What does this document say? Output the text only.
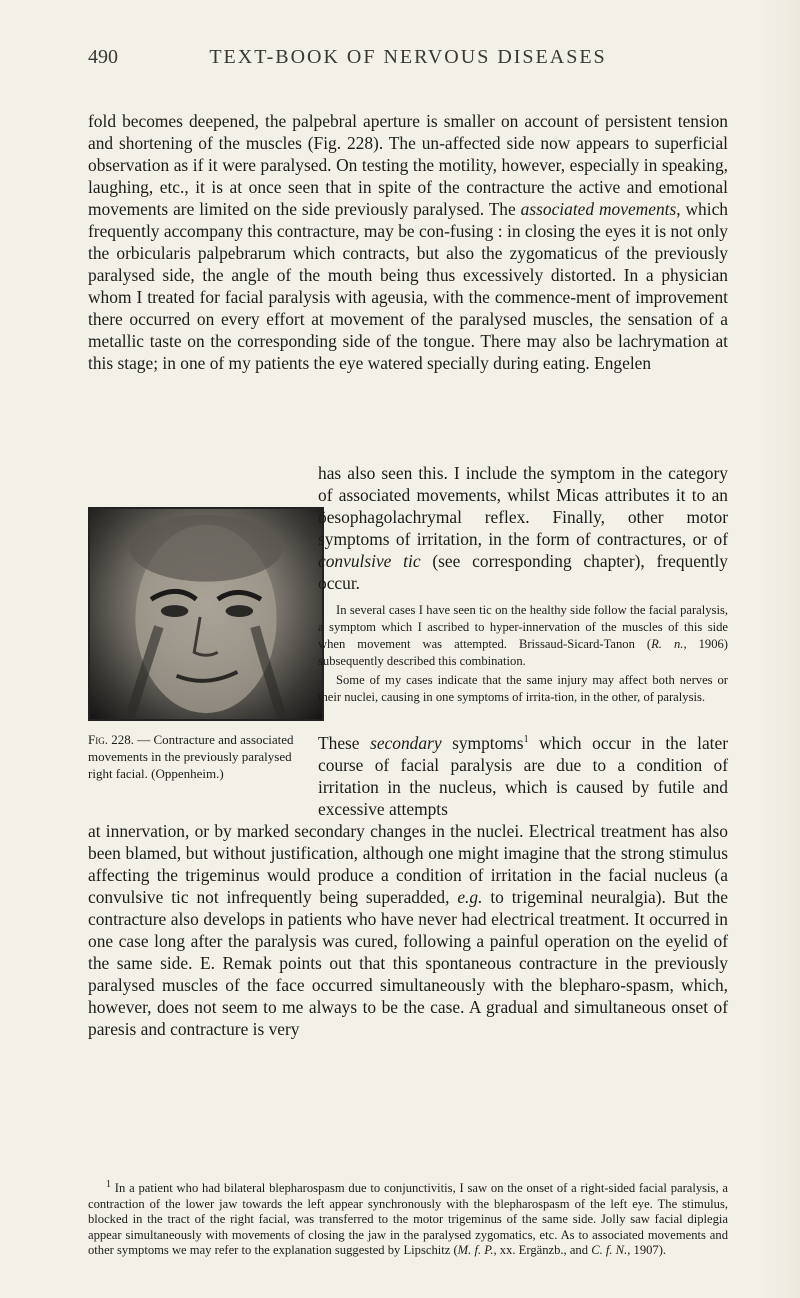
490	TEXT-BOOK OF NERVOUS DISEASES

fold becomes deepened, the palpebral aperture is smaller on account of persistent tension and shortening of the muscles (Fig. 228). The un-affected side now appears to superficial observation as if it were paralysed. On testing the motility, however, especially in speaking, laughing, etc., it is at once seen that in spite of the contracture the active and emotional movements are limited on the side previously paralysed. The associated movements, which frequently accompany this contracture, may be con-fusing : in closing the eyes it is not only the orbicularis palpebrarum which contracts, but also the zygomaticus of the previously paralysed side, the angle of the mouth being thus excessively distorted. In a physician whom I treated for facial paralysis with ageusia, with the commence-ment of improvement there occurred on every effort at movement of the paralysed muscles, the sensation of a metallic taste on the corresponding side of the tongue. There may also be lachrymation at this stage; in one of my patients the eye watered specially during eating. Engelen

has also seen this. I include the symptom in the category of associated movements, whilst Micas attributes it to an öesophagolachrymal reflex. Finally, other motor symptoms of irritation, in the form of contractures, or of convulsive tic (see corresponding chapter), frequently occur.

In several cases I have seen tic on the healthy side follow the facial paralysis, a symptom which I ascribed to hyper-innervation of the muscles of this side when movement was attempted. Brissaud-Sicard-Tanon (R. n., 1906) subsequently described this combination.

Some of my cases indicate that the same injury may affect both nerves or their nuclei, causing in one symptoms of irrita-tion, in the other, of paralysis.

Fig. 228. — Contracture and associated movements in the previously paralysed right facial. (Oppenheim.)

These secondary symptoms$^1$ which occur in the later course of facial paralysis are due to a condition of irritation in the nucleus, which is caused by futile and excessive attempts

at innervation, or by marked secondary changes in the nuclei. Electrical treatment has also been blamed, but without justification, although one might imagine that the strong stimulus affecting the trigeminus would produce a condition of irritation in the facial nucleus (a convulsive tic not infrequently being superadded, e.g. to trigeminal neuralgia). But the contracture also develops in patients who have never had electrical treatment. It occurred in one case long after the paralysis was cured, following a painful operation on the eyelid of the same side. E. Remak points out that this spontaneous contracture in the previously paralysed muscles of the face occurred simultaneously with the blepharo-spasm, which, however, does not seem to me always to be the case. A gradual and simultaneous onset of paresis and contracture is very

$^1$ In a patient who had bilateral blepharospasm due to conjunctivitis, I saw on the onset of a right-sided facial paralysis, a contraction of the lower jaw towards the left appear synchronously with the blepharospasm of the left eye. The stimulus, blocked in the tract of the right facial, was transferred to the motor trigeminus of the same side. Jolly saw facial diplegia appear simultaneously with movements of closing the jaw in the paralysed zygomatics, etc. As to associated movements and other symptoms we may refer to the explanation suggested by Lipschitz (M. f. P., xx. Ergänzb., and C. f. N., 1907).
